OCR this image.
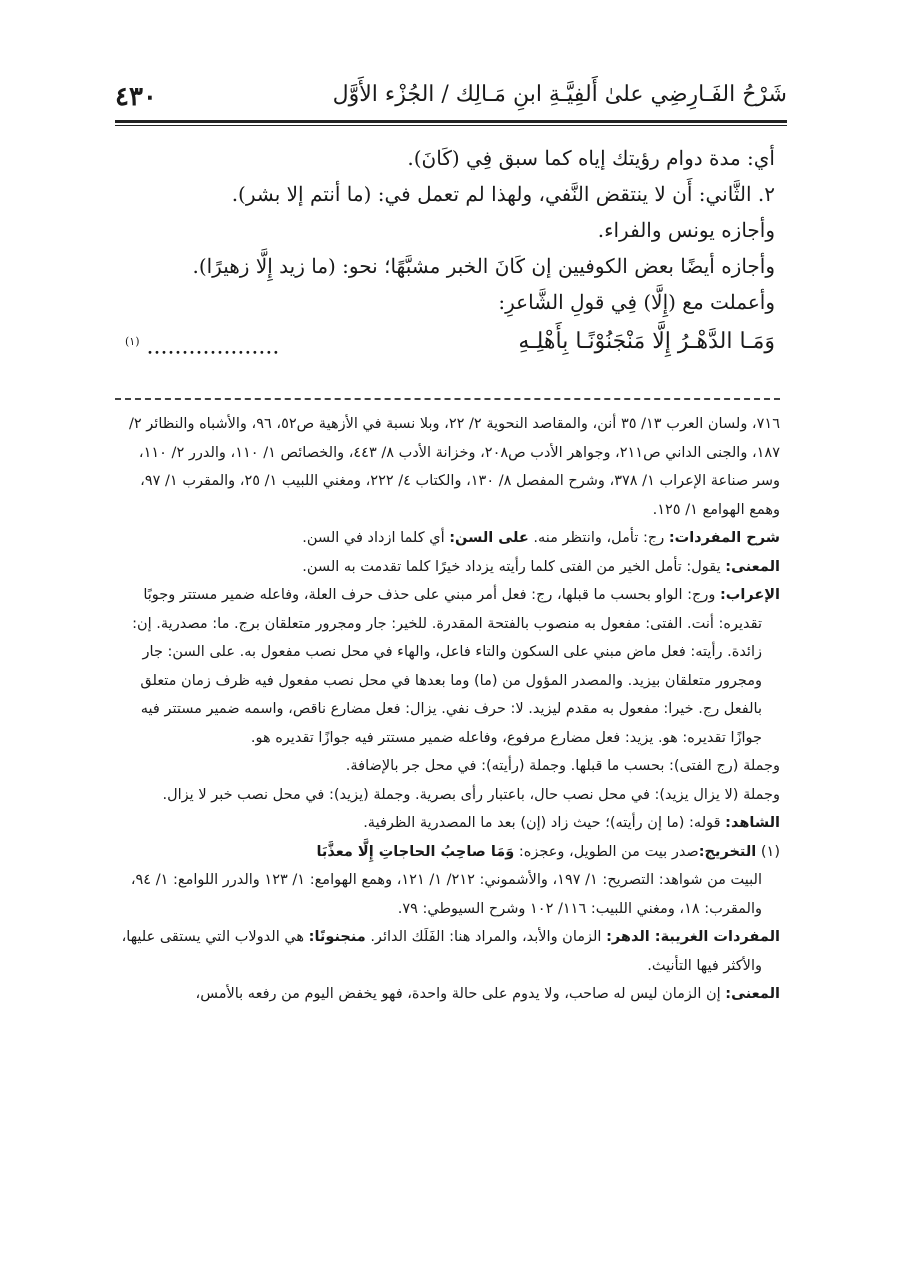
٤٣٠	شَرْحُ الفَـارِضِي علىٰ أَلفِيَّـةِ ابنِ مَـالِك / الجُزْء الأَوَّل

أي: مدة دوام رؤيتك إياه كما سبق فِي (كَانَ).

٢. الثَّاني: أَن لا ينتقض النَّفي، ولهذا لم تعمل في: (ما أنتم إلا بشر).

وأجازه يونس والفراء.

وأجازه أيضًا بعض الكوفيين إن كَانَ الخبر مشبَّهًا؛ نحو: (ما زيد إِلَّا زهيرًا).

وأعملت مع (إِلَّا) فِي قولِ الشَّاعرِ:

وَمَـا الدَّهْـرُ إِلَّا مَنْجَنُوْنًـا بِأَهْلِـهِ
................... $^{(١)}$

٧١٦، ولسان العرب ١٣/ ٣٥ أنن، والمقاصد النحوية ٢/ ٢٢، وبلا نسبة في الأزهية ص٥٢، ٩٦، والأشباه والنظائر ٢/ ١٨٧، والجنى الداني ص٢١١، وجواهر الأدب ص٢٠٨، وخزانة الأدب ٨/ ٤٤٣، والخصائص ١/ ١١٠، والدرر ٢/ ١١٠، وسر صناعة الإعراب ١/ ٣٧٨، وشرح المفصل ٨/ ١٣٠، والكتاب ٤/ ٢٢٢، ومغني اللبيب ١/ ٢٥، والمقرب ١/ ٩٧، وهمع الهوامع ١/ ١٢٥.

شرح المفردات: رج: تأمل، وانتظر منه. على السن: أي كلما ازداد في السن.

المعنى: يقول: تأمل الخير من الفتى كلما رأيته يزداد خيرًا كلما تقدمت به السن.

الإعراب: ورج: الواو بحسب ما قبلها، رج: فعل أمر مبني على حذف حرف العلة، وفاعله ضمير مستتر وجوبًا تقديره: أنت. الفتى: مفعول به منصوب بالفتحة المقدرة. للخير: جار ومجرور متعلقان برج. ما: مصدرية. إن: زائدة. رأيته: فعل ماض مبني على السكون والتاء فاعل، والهاء في محل نصب مفعول به. على السن: جار ومجرور متعلقان بيزيد. والمصدر المؤول من (ما) وما بعدها في محل نصب مفعول فيه ظرف زمان متعلق بالفعل رج. خيرا: مفعول به مقدم ليزيد. لا: حرف نفي. يزال: فعل مضارع ناقص، واسمه ضمير مستتر فيه جوازًا تقديره: هو. يزيد: فعل مضارع مرفوع، وفاعله ضمير مستتر فيه جوازًا تقديره هو.

وجملة (رج الفتى): بحسب ما قبلها. وجملة (رأيته): في محل جر بالإضافة.

وجملة (لا يزال يزيد): في محل نصب حال، باعتبار رأى بصرية. وجملة (يزيد): في محل نصب خبر لا يزال.

الشاهد: قوله: (ما إن رأيته)؛ حيث زاد (إن) بعد ما المصدرية الظرفية.

(١) التخريج:صدر بيت من الطويل، وعجزه: وَمَا صاحِبُ الحاجاتِ إِلَّا معذَّبَا

البيت من شواهد: التصريح: ١/ ١٩٧، والأشموني: ٢١٢/ ١/ ١٢١، وهمع الهوامع: ١/ ١٢٣ والدرر اللوامع: ١/ ٩٤، والمقرب: ١٨، ومغني اللبيب: ١١٦/ ١٠٢ وشرح السيوطي: ٧٩.

المفردات الغريبة: الدهر: الزمان والأبد، والمراد هنا: الفَلَك الدائر. منجنونًا: هي الدولاب التي يستقى عليها، والأكثر فيها التأنيث.

المعنى: إن الزمان ليس له صاحب، ولا يدوم على حالة واحدة، فهو يخفض اليوم من رفعه بالأمس،
